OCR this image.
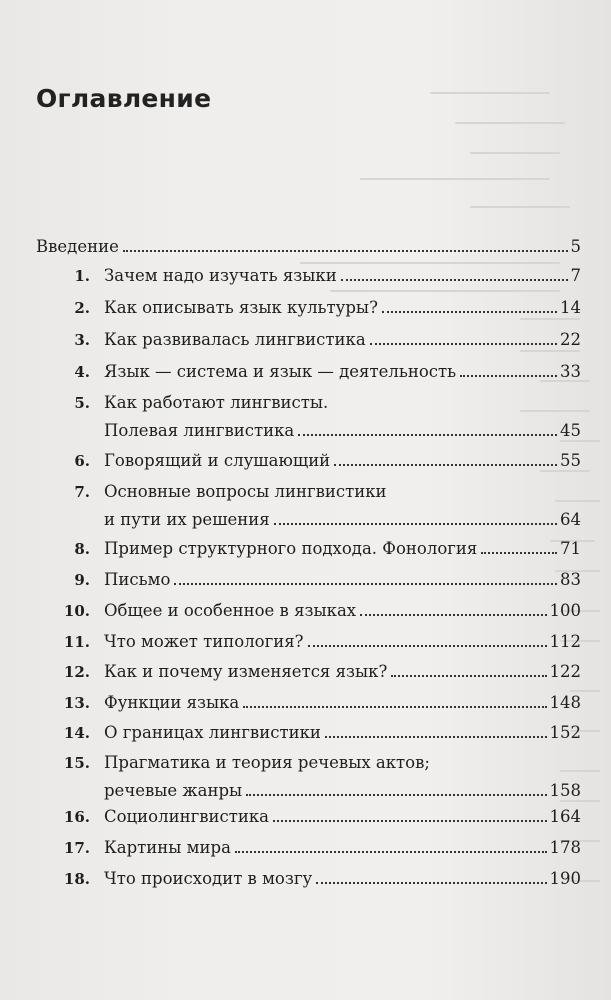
Оглавление
Введение	5
1. Зачем надо изучать языки	7
2. Как описывать язык культуры?	14
3. Как развивалась лингвистика	22
4. Язык — система и язык — деятельность	33
5. Как работают лингвисты.
Полевая лингвистика	45
6. Говорящий и слушающий	55
7. Основные вопросы лингвистики
и пути их решения	64
8. Пример структурного подхода. Фонология	71
9. Письмо	83
10. Общее и особенное в языках	100
11. Что может типология?	112
12. Как и почему изменяется язык?	122
13. Функции языка	148
14. О границах лингвистики	152
15. Прагматика и теория речевых актов;
речевые жанры	158
16. Социолингвистика	164
17. Картины мира	178
18. Что происходит в мозгу	190
